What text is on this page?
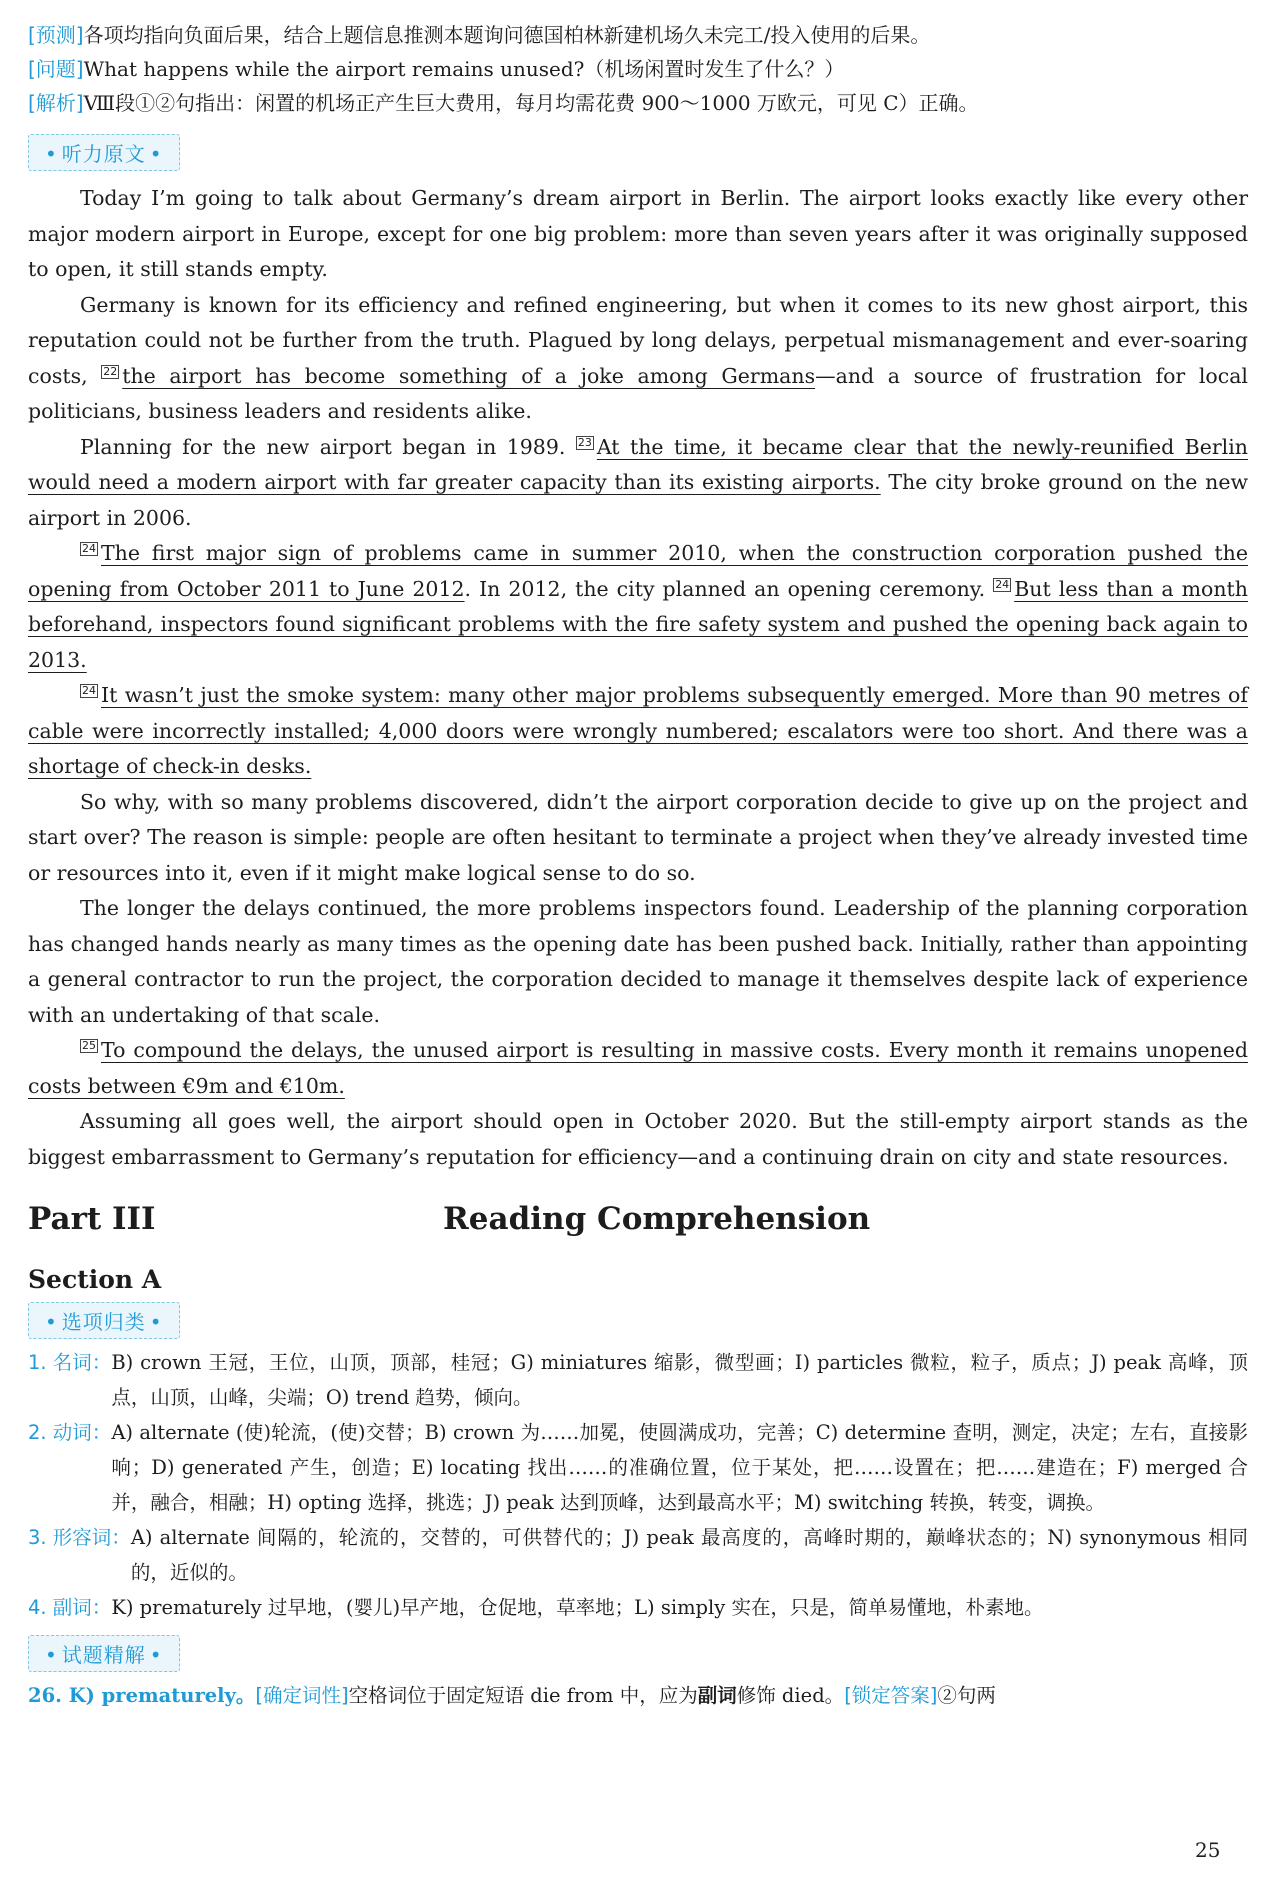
[预测]各项均指向负面后果，结合上题信息推测本题询问德国柏林新建机场久未完工/投入使用的后果。
[问题]What happens while the airport remains unused?（机场闲置时发生了什么？）
[解析]Ⅷ段①②句指出：闲置的机场正产生巨大费用，每月均需花费 900～1000 万欧元，可见 C）正确。
• 听力原文 •

Today I’m going to talk about Germany’s dream airport in Berlin. The airport looks exactly like every other major modern airport in Europe, except for one big problem: more than seven years after it was originally supposed to open, it still stands empty.

Germany is known for its efficiency and refined engineering, but when it comes to its new ghost airport, this reputation could not be further from the truth. Plagued by long delays, perpetual mismanagement and ever-soaring costs, 22 the airport has become something of a joke among Germans—and a source of frustration for local politicians, business leaders and residents alike.

Planning for the new airport began in 1989. 23 At the time, it became clear that the newly-reunified Berlin would need a modern airport with far greater capacity than its existing airports. The city broke ground on the new airport in 2006.

24 The first major sign of problems came in summer 2010, when the construction corporation pushed the opening from October 2011 to June 2012. In 2012, the city planned an opening ceremony. 24 But less than a month beforehand, inspectors found significant problems with the fire safety system and pushed the opening back again to 2013.

24 It wasn’t just the smoke system: many other major problems subsequently emerged. More than 90 metres of cable were incorrectly installed; 4,000 doors were wrongly numbered; escalators were too short. And there was a shortage of check-in desks.

So why, with so many problems discovered, didn’t the airport corporation decide to give up on the project and start over? The reason is simple: people are often hesitant to terminate a project when they’ve already invested time or resources into it, even if it might make logical sense to do so.

The longer the delays continued, the more problems inspectors found. Leadership of the planning corporation has changed hands nearly as many times as the opening date has been pushed back. Initially, rather than appointing a general contractor to run the project, the corporation decided to manage it themselves despite lack of experience with an undertaking of that scale.

25 To compound the delays, the unused airport is resulting in massive costs. Every month it remains unopened costs between €9m and €10m.

Assuming all goes well, the airport should open in October 2020. But the still-empty airport stands as the biggest embarrassment to Germany’s reputation for efficiency—and a continuing drain on city and state resources.

Part III	Reading Comprehension
Section A
• 选项归类 •
1. 名词： B) crown 王冠，王位，山顶，顶部，桂冠；G) miniatures 缩影，微型画；I) particles 微粒，粒子，质点；J) peak 高峰，顶点，山顶，山峰，尖端；O) trend 趋势，倾向。
2. 动词： A) alternate (使)轮流，(使)交替；B) crown 为……加冕，使圆满成功，完善；C) determine 查明，测定，决定；左右，直接影响；D) generated 产生，创造；E) locating 找出……的准确位置，位于某处，把……设置在；把……建造在；F) merged 合并，融合，相融；H) opting 选择，挑选；J) peak 达到顶峰，达到最高水平；M) switching 转换，转变，调换。
3. 形容词： A) alternate 间隔的，轮流的，交替的，可供替代的；J) peak 最高度的，高峰时期的，巅峰状态的；N) synonymous 相同的，近似的。
4. 副词： K) prematurely 过早地，(婴儿)早产地，仓促地，草率地；L) simply 实在，只是，简单易懂地，朴素地。
• 试题精解 •
26. K) prematurely。[确定词性]空格词位于固定短语 die from 中，应为副词修饰 died。[锁定答案]②句两
25
